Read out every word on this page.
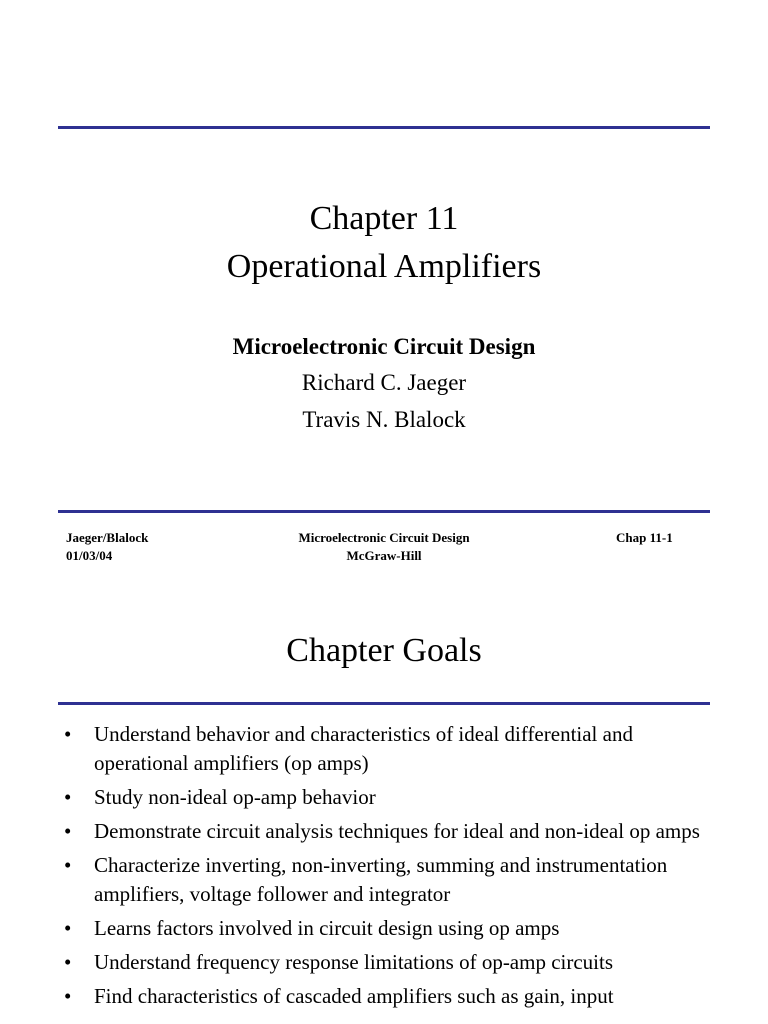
Chapter 11
Operational Amplifiers
Microelectronic Circuit Design
Richard C. Jaeger
Travis N. Blalock
Jaeger/Blalock
01/03/04
Microelectronic Circuit Design
McGraw-Hill
Chap 11-1
Chapter Goals
• Understand behavior and characteristics of ideal differential and operational amplifiers (op amps)
• Study non-ideal op-amp behavior
• Demonstrate circuit analysis techniques for ideal and non-ideal op amps
• Characterize inverting, non-inverting, summing and instrumentation amplifiers, voltage follower and integrator
• Learns factors involved in circuit design using op amps
• Understand frequency response limitations of op-amp circuits
• Find characteristics of cascaded amplifiers such as gain, input
